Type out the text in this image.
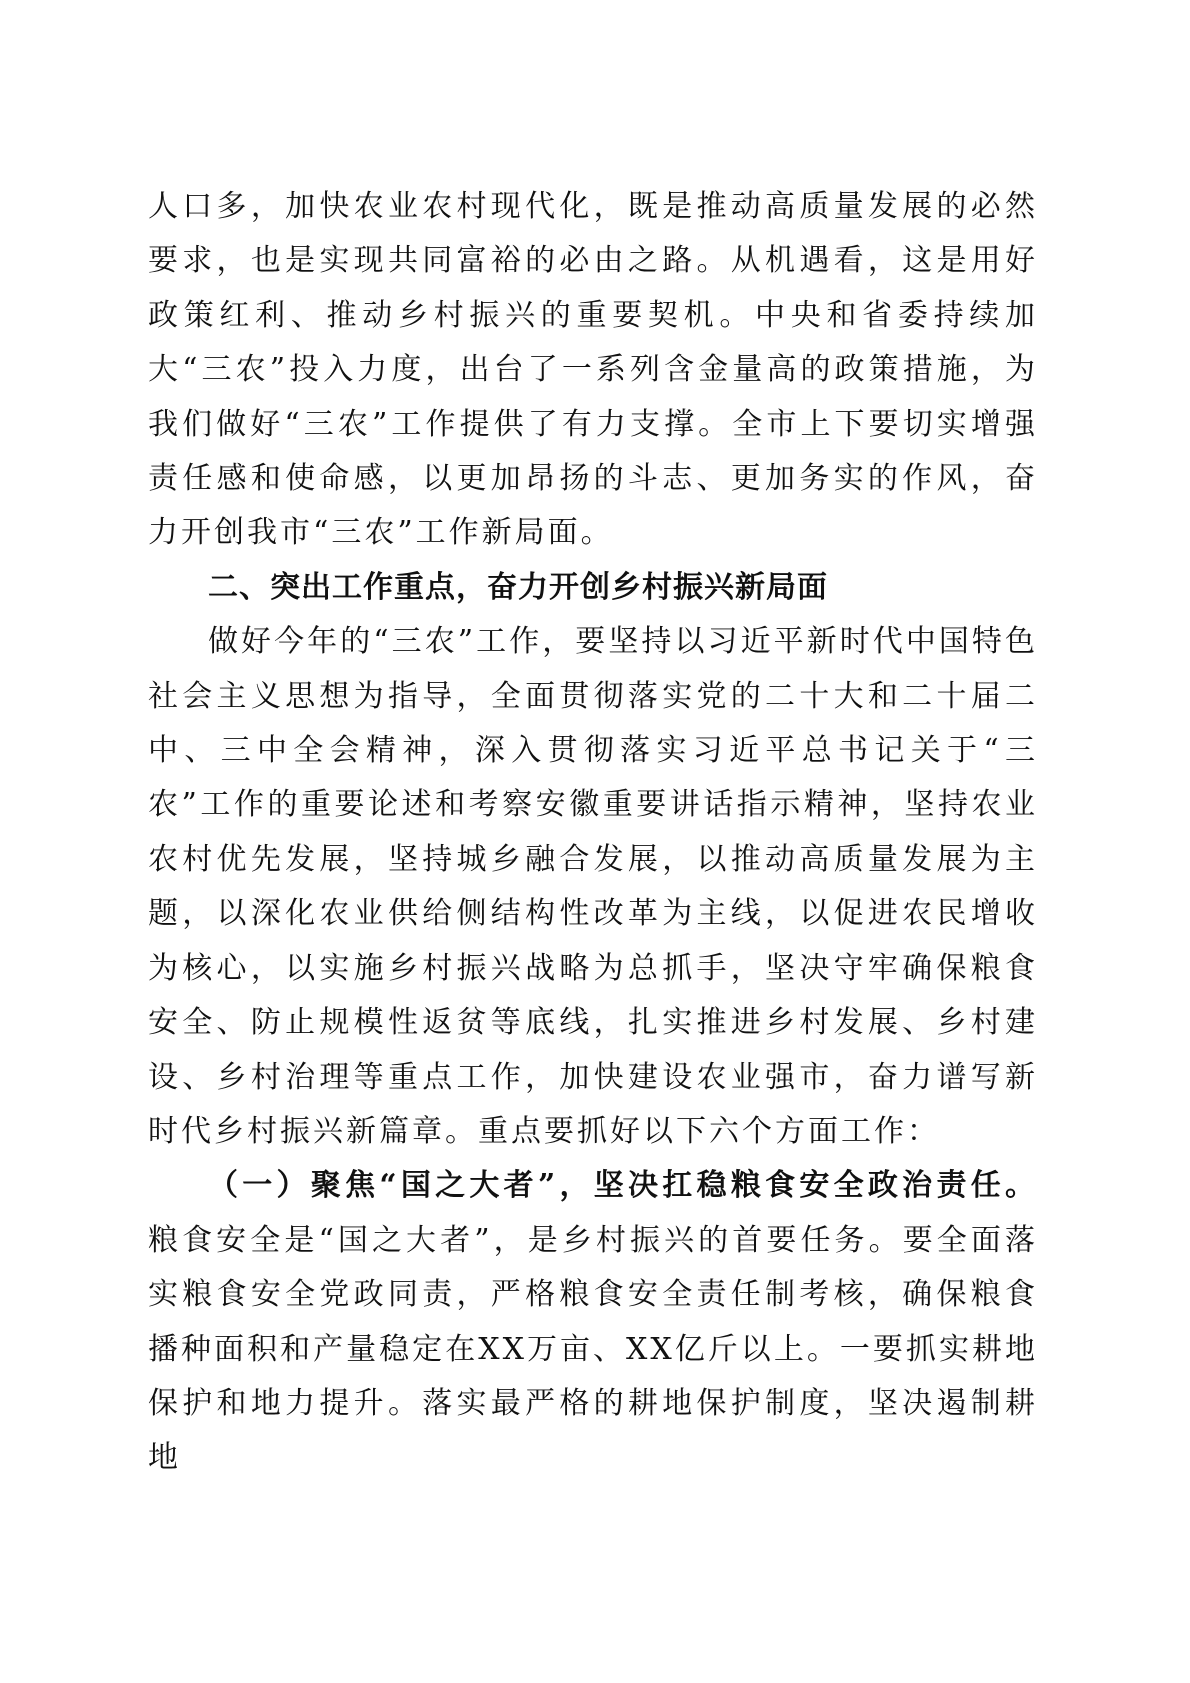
人口多，加快农业农村现代化，既是推动高质量发展的必然要求，也是实现共同富裕的必由之路。从机遇看，这是用好政策红利、推动乡村振兴的重要契机。中央和省委持续加大“三农”投入力度，出台了一系列含金量高的政策措施，为我们做好“三农”工作提供了有力支撑。全市上下要切实增强责任感和使命感，以更加昂扬的斗志、更加务实的作风，奋力开创我市“三农”工作新局面。

二、突出工作重点，奋力开创乡村振兴新局面

做好今年的“三农”工作，要坚持以习近平新时代中国特色社会主义思想为指导，全面贯彻落实党的二十大和二十届二中、三中全会精神，深入贯彻落实习近平总书记关于“三农”工作的重要论述和考察安徽重要讲话指示精神，坚持农业农村优先发展，坚持城乡融合发展，以推动高质量发展为主题，以深化农业供给侧结构性改革为主线，以促进农民增收为核心，以实施乡村振兴战略为总抓手，坚决守牢确保粮食安全、防止规模性返贫等底线，扎实推进乡村发展、乡村建设、乡村治理等重点工作，加快建设农业强市，奋力谱写新时代乡村振兴新篇章。重点要抓好以下六个方面工作：

（一）聚焦“国之大者”，坚决扛稳粮食安全政治责任。粮食安全是“国之大者”，是乡村振兴的首要任务。要全面落实粮食安全党政同责，严格粮食安全责任制考核，确保粮食播种面积和产量稳定在XX万亩、XX亿斤以上。一要抓实耕地保护和地力提升。落实最严格的耕地保护制度，坚决遏制耕地
